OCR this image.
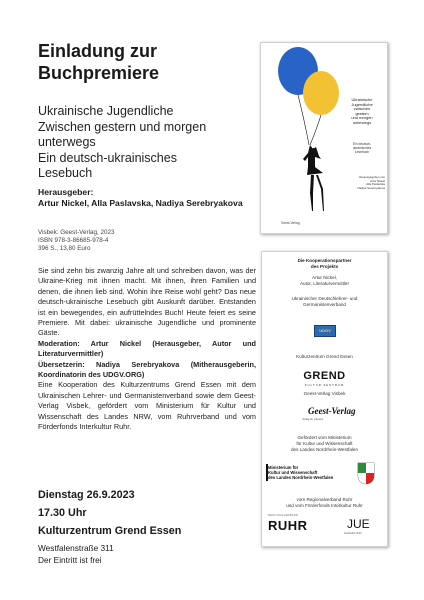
Einladung zur
Buchpremiere
Ukrainische Jugendliche
Zwischen gestern und morgen
unterwegs
Ein deutsch-ukrainisches
Lesebuch
Herausgeber:
Artur Nickel, Alla Paslavska, Nadiya Serebryakova
Visbek: Geest-Verlag, 2023
ISBN 978-3-86685-978-4
396 S., 13,80 Euro

Sie sind zehn bis zwanzig Jahre alt und schreiben davon, was der Ukraine-Krieg mit ihnen macht. Mit ihnen, ihren Familien und denen, die ihnen lieb sind. Wohin ihre Reise wohl geht? Das neue deutsch-ukrainische Lesebuch gibt Auskunft darüber. Entstanden ist ein bewegendes, ein aufrüttelndes Buch! Heute feiert es seine Premiere. Mit dabei: ukrainische Jugendliche und prominente Gäste.

Moderation: Artur Nickel (Herausgeber, Autor und Literaturvermittler)

Übersetzerin: Nadiya Serebryakova (Mitherausgeberin, Koordinatorin des UDGV.ORG)

Eine Kooperation des Kulturzentrums Grend Essen mit dem Ukrainischen Lehrer- und Germanistenverband sowie dem Geest-Verlag Visbek, gefördert vom Ministerium für Kultur und Wissenschaft des Landes NRW, vom Ruhrverband und vom Förderfonds Interkultur Ruhr.

Dienstag 26.9.2023
17.30 Uhr
Kulturzentrum Grend Essen
Westfalenstraße 311
Der Eintritt ist frei
Ukrainische
Jugendliche
zwischen
gestern
und morgen
unterwegs
Ein deutsch-
ukrainisches
Lesebuch
Herausgegeben von
Artur Nickel
Alla Paslavska
Nadiya Serebryakova
Geest-Verlag
Die Kooperationspartner
des Projekts
Artur Nickel,
Autor, Literaturvermittler
Ukrainischer Deutschlehrer- und
Germanistenverband
UDGV
Kulturzentrum Grend Essen
GREND
KULTUR ZENTRUM
Geest-Verlag Visbek
Geest-Verlag
Verlag für Literatur
Gefördert vom Ministerium
für Kultur und Wissenschaft
des Landes Nordrhein-Westfalen
Ministerium für
Kultur und Wissenschaft
des Landes Nordrhein-Westfalen
vom Regionalverband Ruhr
und vom Förderfonds Interkultur Ruhr
REGIONALVERBAND
RUHR	JUE
Interkultur Ruhr
